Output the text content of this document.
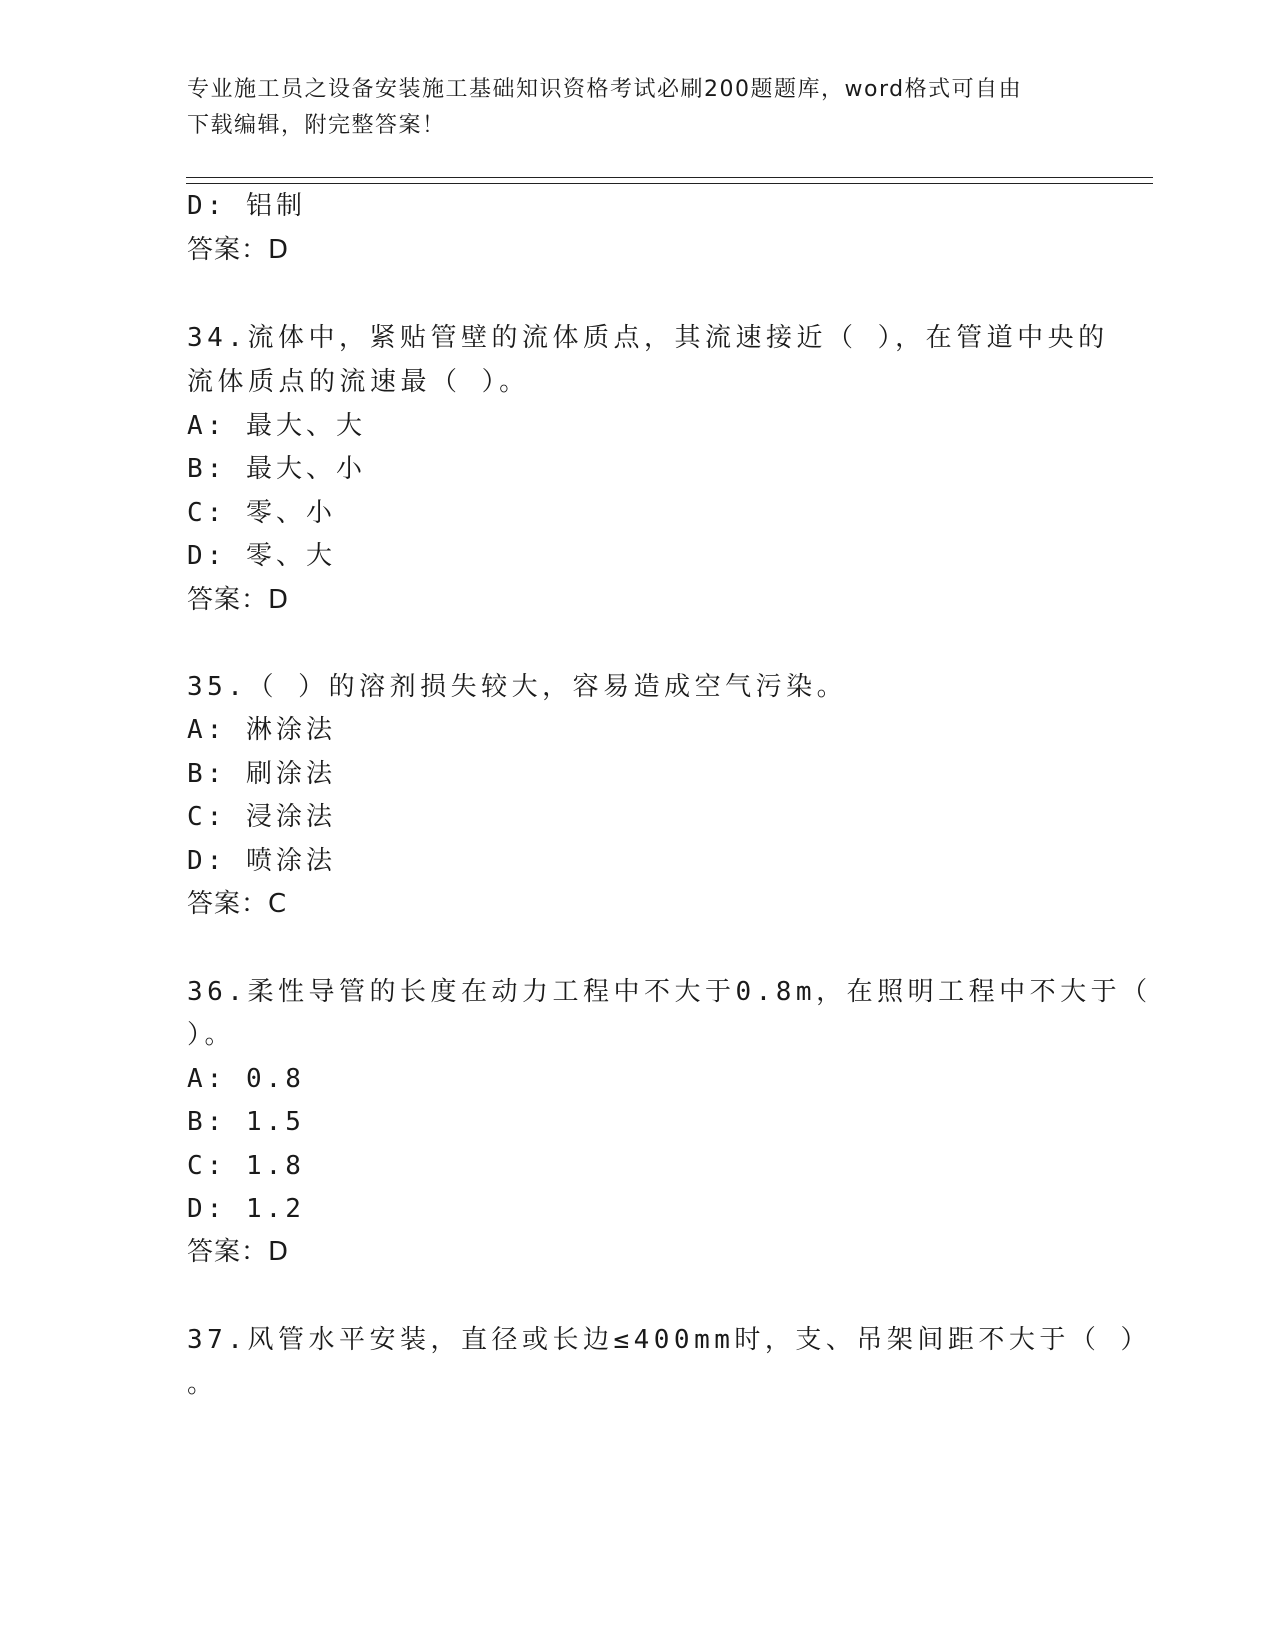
专业施工员之设备安装施工基础知识资格考试必刷200题题库，word格式可自由
下载编辑，附完整答案！
D: 铝制
答案：D
34.流体中，紧贴管壁的流体质点，其流速接近（ ），在管道中央的
流体质点的流速最（ ）。
A: 最大、大
B: 最大、小
C: 零、小
D: 零、大
答案：D
35.（ ）的溶剂损失较大，容易造成空气污染。
A: 淋涂法
B: 刷涂法
C: 浸涂法
D: 喷涂法
答案：C
36.柔性导管的长度在动力工程中不大于0.8m，在照明工程中不大于（
）。
A: 0.8
B: 1.5
C: 1.8
D: 1.2
答案：D
37.风管水平安装，直径或长边≤400mm时，支、吊架间距不大于（ ）
。
